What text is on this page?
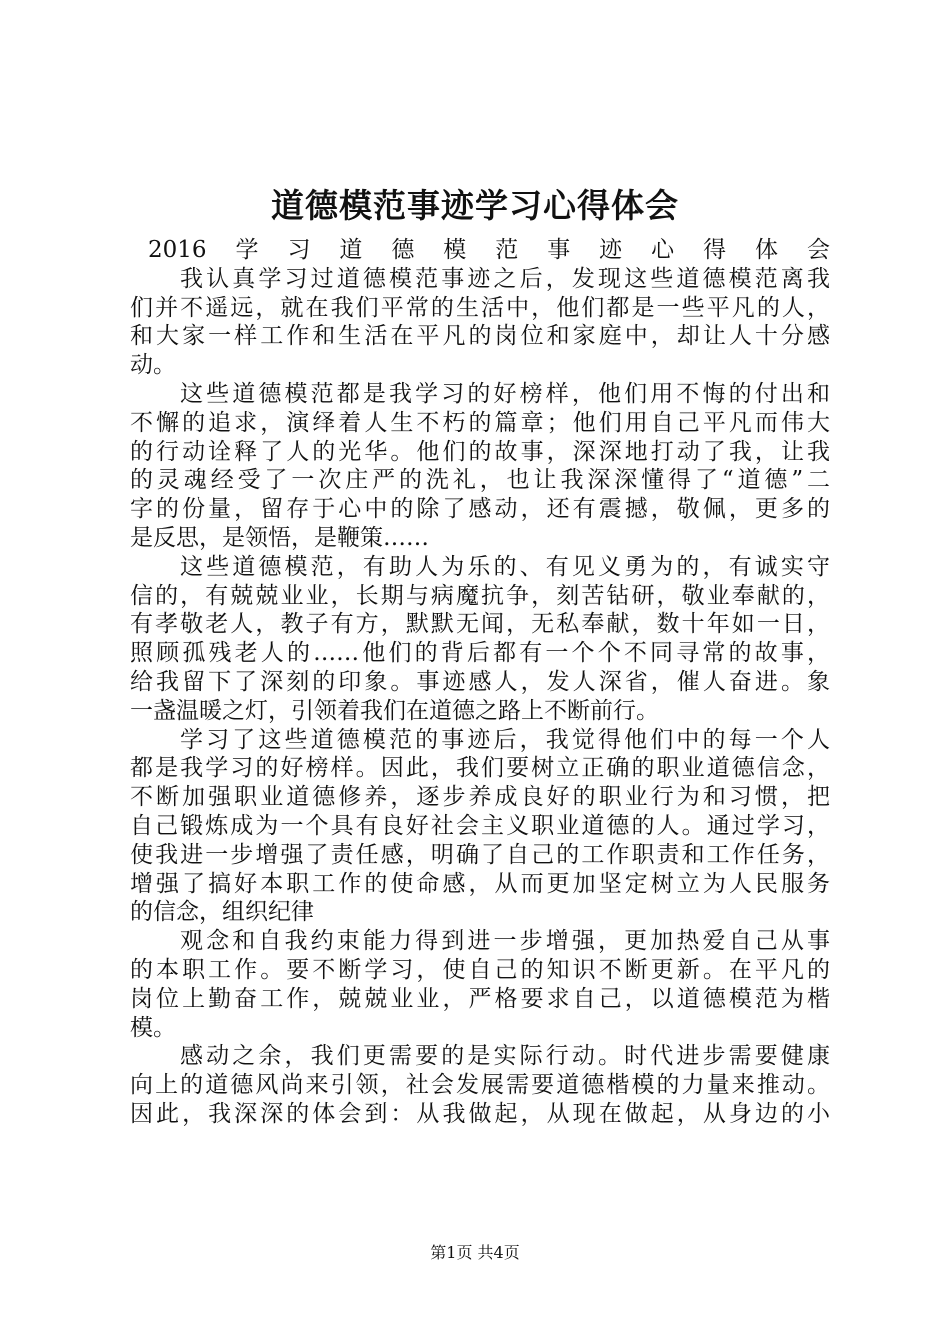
道德模范事迹学习心得体会
2016学习道德模范事迹心得体会
我认真学习过道德模范事迹之后，发现这些道德模范离我
们并不遥远，就在我们平常的生活中，他们都是一些平凡的人，
和大家一样工作和生活在平凡的岗位和家庭中，却让人十分感
动。
这些道德模范都是我学习的好榜样，他们用不悔的付出和
不懈的追求，演绎着人生不朽的篇章；他们用自己平凡而伟大
的行动诠释了人的光华。他们的故事，深深地打动了我，让我
的灵魂经受了一次庄严的洗礼，也让我深深懂得了“道德”二
字的份量，留存于心中的除了感动，还有震撼，敬佩，更多的
是反思，是领悟，是鞭策……
这些道德模范，有助人为乐的、有见义勇为的，有诚实守
信的，有兢兢业业，长期与病魔抗争，刻苦钻研，敬业奉献的，
有孝敬老人，教子有方，默默无闻，无私奉献，数十年如一日，
照顾孤残老人的……他们的背后都有一个个不同寻常的故事，
给我留下了深刻的印象。事迹感人，发人深省，催人奋进。象
一盏温暖之灯，引领着我们在道德之路上不断前行。
学习了这些道德模范的事迹后，我觉得他们中的每一个人
都是我学习的好榜样。因此，我们要树立正确的职业道德信念，
不断加强职业道德修养，逐步养成良好的职业行为和习惯，把
自己锻炼成为一个具有良好社会主义职业道德的人。通过学习，
使我进一步增强了责任感，明确了自己的工作职责和工作任务，
增强了搞好本职工作的使命感，从而更加坚定树立为人民服务
的信念，组织纪律
观念和自我约束能力得到进一步增强，更加热爱自己从事
的本职工作。要不断学习，使自己的知识不断更新。在平凡的
岗位上勤奋工作，兢兢业业，严格要求自己，以道德模范为楷
模。
感动之余，我们更需要的是实际行动。时代进步需要健康
向上的道德风尚来引领，社会发展需要道德楷模的力量来推动。
因此，我深深的体会到：从我做起，从现在做起，从身边的小
第1页 共4页
